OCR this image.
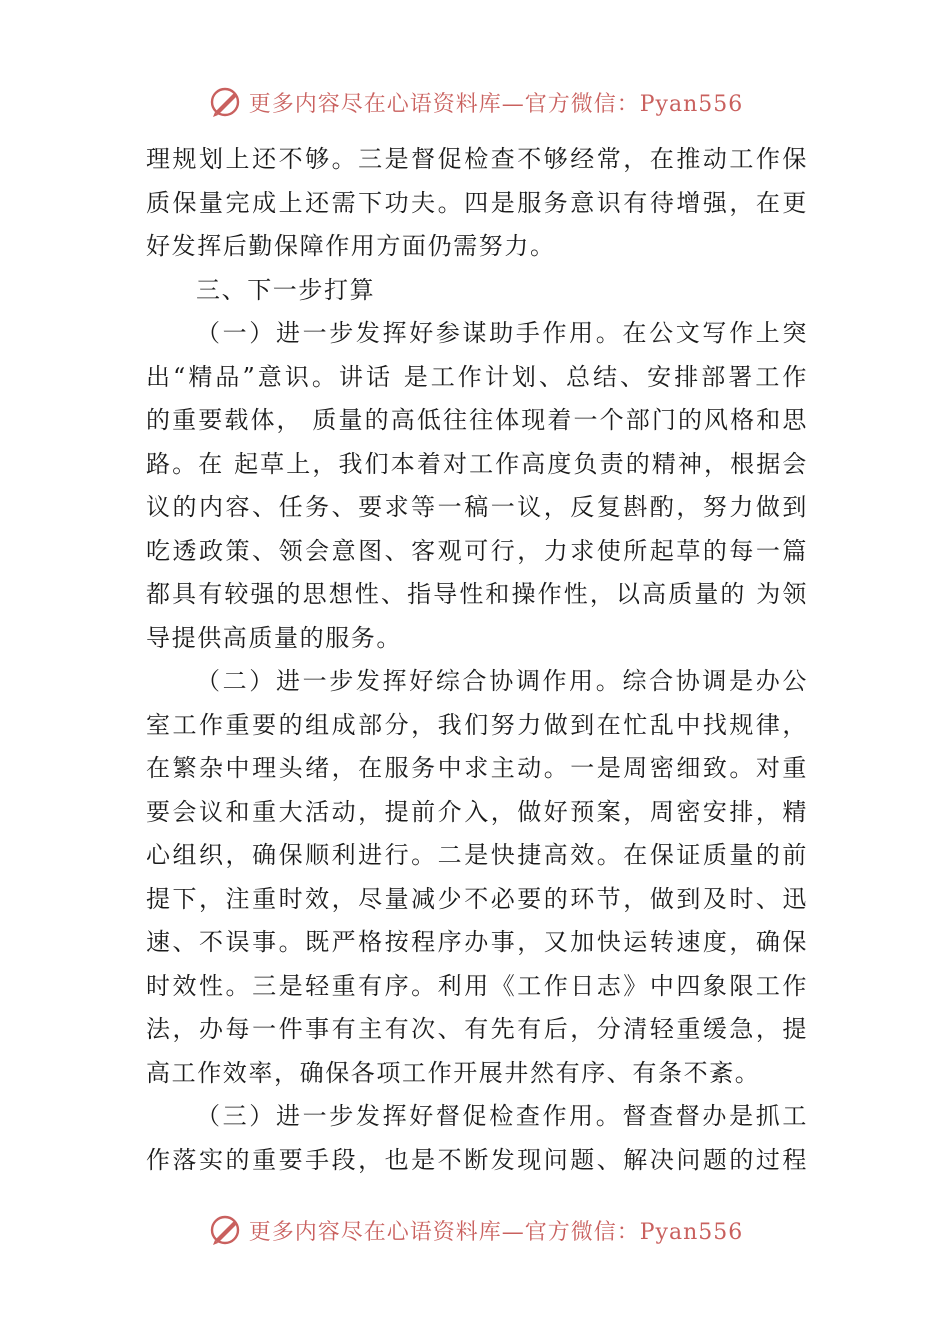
更多内容尽在心语资料库—官方微信：Pyan556
理规划上还不够。三是督促检查不够经常，在推动工作保
质保量完成上还需下功夫。四是服务意识有待增强，在更
好发挥后勤保障作用方面仍需努力。
三、下一步打算
（一）进一步发挥好参谋助手作用。在公文写作上突
出“精品”意识。讲话 是工作计划、总结、安排部署工作
的重要载体， 质量的高低往往体现着一个部门的风格和思
路。在 起草上，我们本着对工作高度负责的精神，根据会
议的内容、任务、要求等一稿一议，反复斟酌，努力做到
吃透政策、领会意图、客观可行，力求使所起草的每一篇
都具有较强的思想性、指导性和操作性，以高质量的 为领
导提供高质量的服务。
（二）进一步发挥好综合协调作用。综合协调是办公
室工作重要的组成部分，我们努力做到在忙乱中找规律，
在繁杂中理头绪，在服务中求主动。一是周密细致。对重
要会议和重大活动，提前介入，做好预案，周密安排，精
心组织，确保顺利进行。二是快捷高效。在保证质量的前
提下，注重时效，尽量减少不必要的环节，做到及时、迅
速、不误事。既严格按程序办事，又加快运转速度，确保
时效性。三是轻重有序。利用《工作日志》中四象限工作
法，办每一件事有主有次、有先有后，分清轻重缓急，提
高工作效率，确保各项工作开展井然有序、有条不紊。
（三）进一步发挥好督促检查作用。督查督办是抓工
作落实的重要手段，也是不断发现问题、解决问题的过程
更多内容尽在心语资料库—官方微信：Pyan556
